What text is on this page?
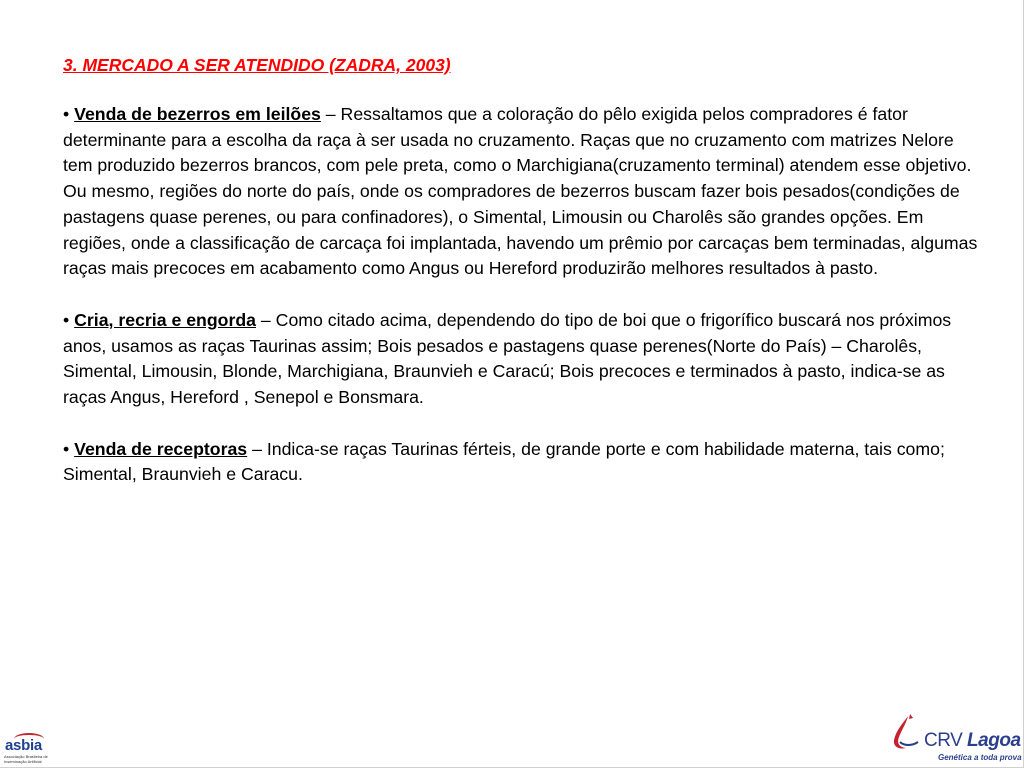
3. MERCADO A SER ATENDIDO (ZADRA, 2003)

• Venda de bezerros em leilões – Ressaltamos que a coloração do pêlo exigida pelos compradores é fator determinante para a escolha da raça à ser usada no cruzamento. Raças que no cruzamento com matrizes Nelore tem produzido bezerros brancos, com pele preta, como o Marchigiana(cruzamento terminal) atendem esse objetivo. Ou mesmo, regiões do norte do país, onde os compradores de bezerros buscam fazer bois pesados(condições de pastagens quase perenes, ou para confinadores), o Simental, Limousin ou Charolês são grandes opções. Em regiões, onde a classificação de carcaça foi implantada, havendo um prêmio por carcaças bem terminadas, algumas raças mais precoces em acabamento como Angus ou Hereford produzirão melhores resultados à pasto.

• Cria, recria e engorda – Como citado acima, dependendo do tipo de boi que o frigorífico buscará nos próximos anos, usamos as raças Taurinas assim; Bois pesados e pastagens quase perenes(Norte do País) – Charolês, Simental, Limousin, Blonde, Marchigiana, Braunvieh e Caracú; Bois precoces e terminados à pasto, indica-se as raças Angus, Hereford , Senepol e Bonsmara.

• Venda de receptoras – Indica-se raças Taurinas férteis, de grande porte e com habilidade materna, tais como; Simental, Braunvieh e Caracu.

asbia
Associação Brasileira de Inseminação Artificial
CRV Lagoa
Genética a toda prova
